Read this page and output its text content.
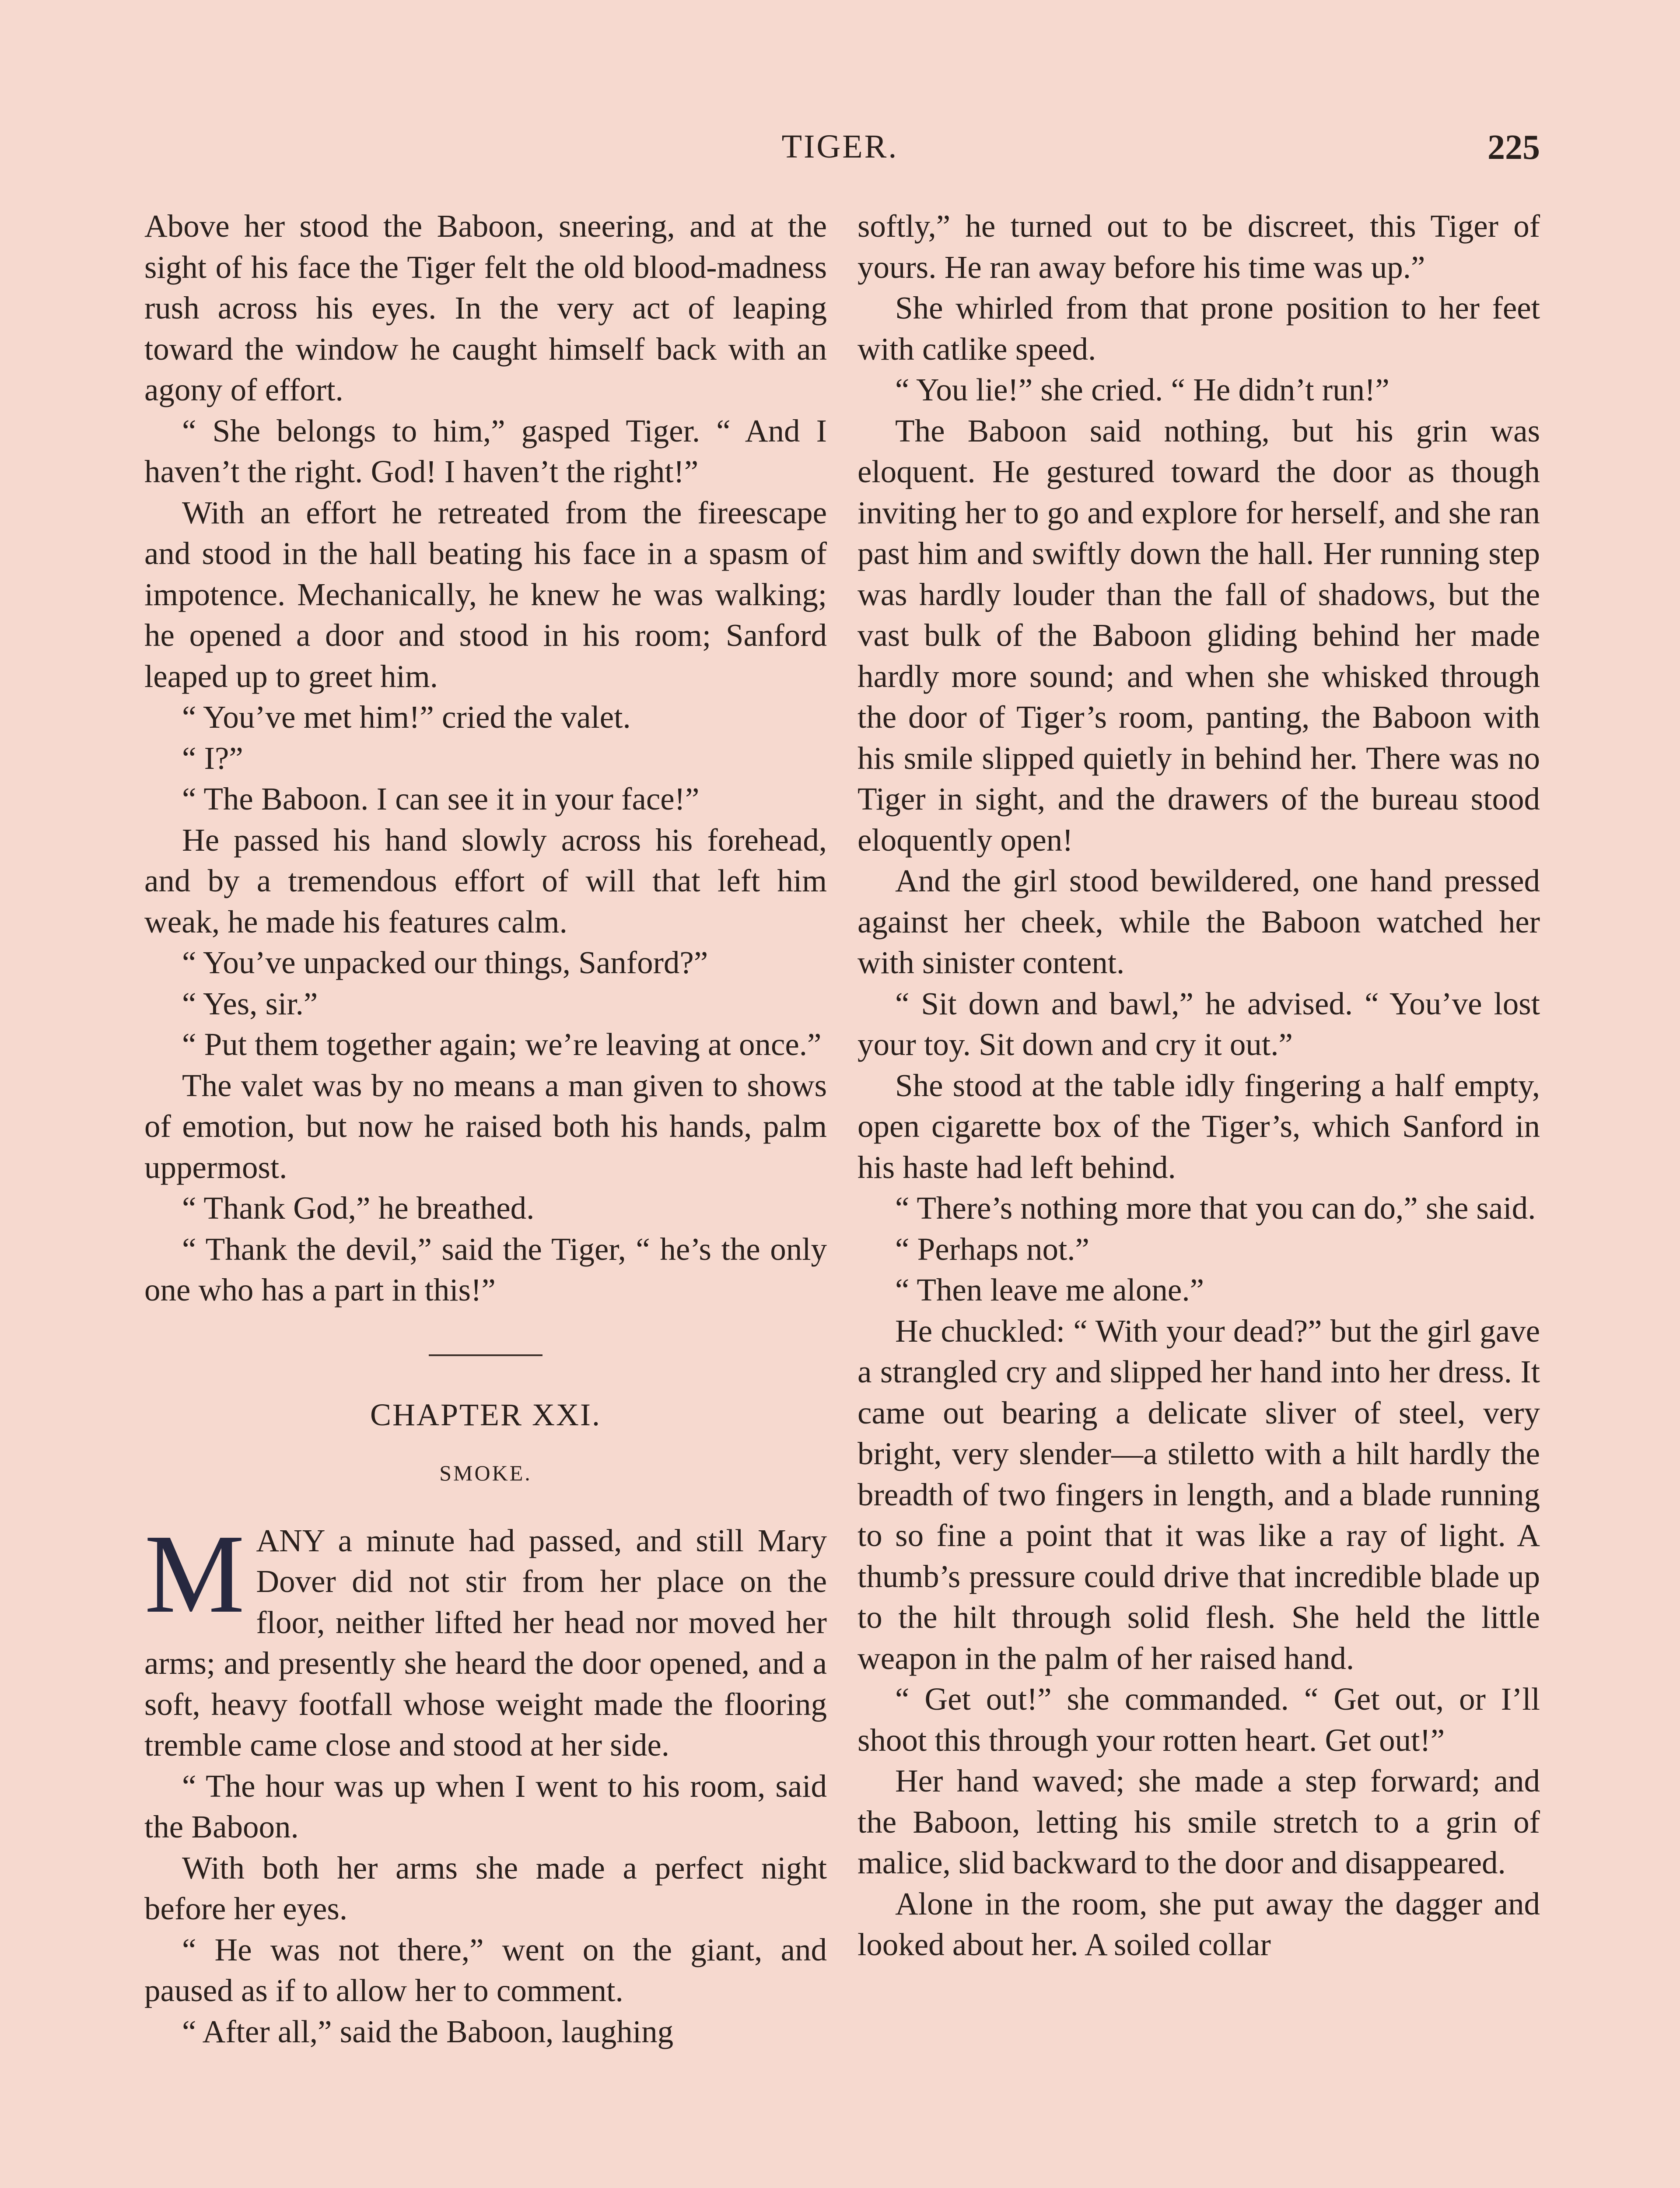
TIGER.	225

Above her stood the Baboon, sneering, and at the sight of his face the Tiger felt the old blood-madness rush across his eyes. In the very act of leaping toward the window he caught himself back with an agony of effort.

“ She belongs to him,” gasped Tiger. “ And I haven’t the right. God! I haven’t the right!”

With an effort he retreated from the fireescape and stood in the hall beating his face in a spasm of impotence. Mechanically, he knew he was walking; he opened a door and stood in his room; Sanford leaped up to greet him.

“ You’ve met him!” cried the valet.

“ I?”

“ The Baboon. I can see it in your face!”

He passed his hand slowly across his forehead, and by a tremendous effort of will that left him weak, he made his features calm.

“ You’ve unpacked our things, Sanford?”

“ Yes, sir.”

“ Put them together again; we’re leaving at once.”

The valet was by no means a man given to shows of emotion, but now he raised both his hands, palm uppermost.

“ Thank God,” he breathed.

“ Thank the devil,” said the Tiger, “ he’s the only one who has a part in this!”

CHAPTER XXI.
SMOKE.

MANY a minute had passed, and still Mary Dover did not stir from her place on the floor, neither lifted her head nor moved her arms; and presently she heard the door opened, and a soft, heavy footfall whose weight made the flooring tremble came close and stood at her side.

“ The hour was up when I went to his room, said the Baboon.

With both her arms she made a perfect night before her eyes.

“ He was not there,” went on the giant, and paused as if to allow her to comment.

“ After all,” said the Baboon, laughing

softly,” he turned out to be discreet, this Tiger of yours. He ran away before his time was up.”

She whirled from that prone position to her feet with catlike speed.

“ You lie!” she cried. “ He didn’t run!”

The Baboon said nothing, but his grin was eloquent. He gestured toward the door as though inviting her to go and explore for herself, and she ran past him and swiftly down the hall. Her running step was hardly louder than the fall of shadows, but the vast bulk of the Baboon gliding behind her made hardly more sound; and when she whisked through the door of Tiger’s room, panting, the Baboon with his smile slipped quietly in behind her. There was no Tiger in sight, and the drawers of the bureau stood eloquently open!

And the girl stood bewildered, one hand pressed against her cheek, while the Baboon watched her with sinister content.

“ Sit down and bawl,” he advised. “ You’ve lost your toy. Sit down and cry it out.”

She stood at the table idly fingering a half empty, open cigarette box of the Tiger’s, which Sanford in his haste had left behind.

“ There’s nothing more that you can do,” she said.

“ Perhaps not.”

“ Then leave me alone.”

He chuckled: “ With your dead?” but the girl gave a strangled cry and slipped her hand into her dress. It came out bearing a delicate sliver of steel, very bright, very slender—a stiletto with a hilt hardly the breadth of two fingers in length, and a blade running to so fine a point that it was like a ray of light. A thumb’s pressure could drive that incredible blade up to the hilt through solid flesh. She held the little weapon in the palm of her raised hand.

“ Get out!” she commanded. “ Get out, or I’ll shoot this through your rotten heart. Get out!”

Her hand waved; she made a step forward; and the Baboon, letting his smile stretch to a grin of malice, slid backward to the door and disappeared.

Alone in the room, she put away the dagger and looked about her. A soiled collar
